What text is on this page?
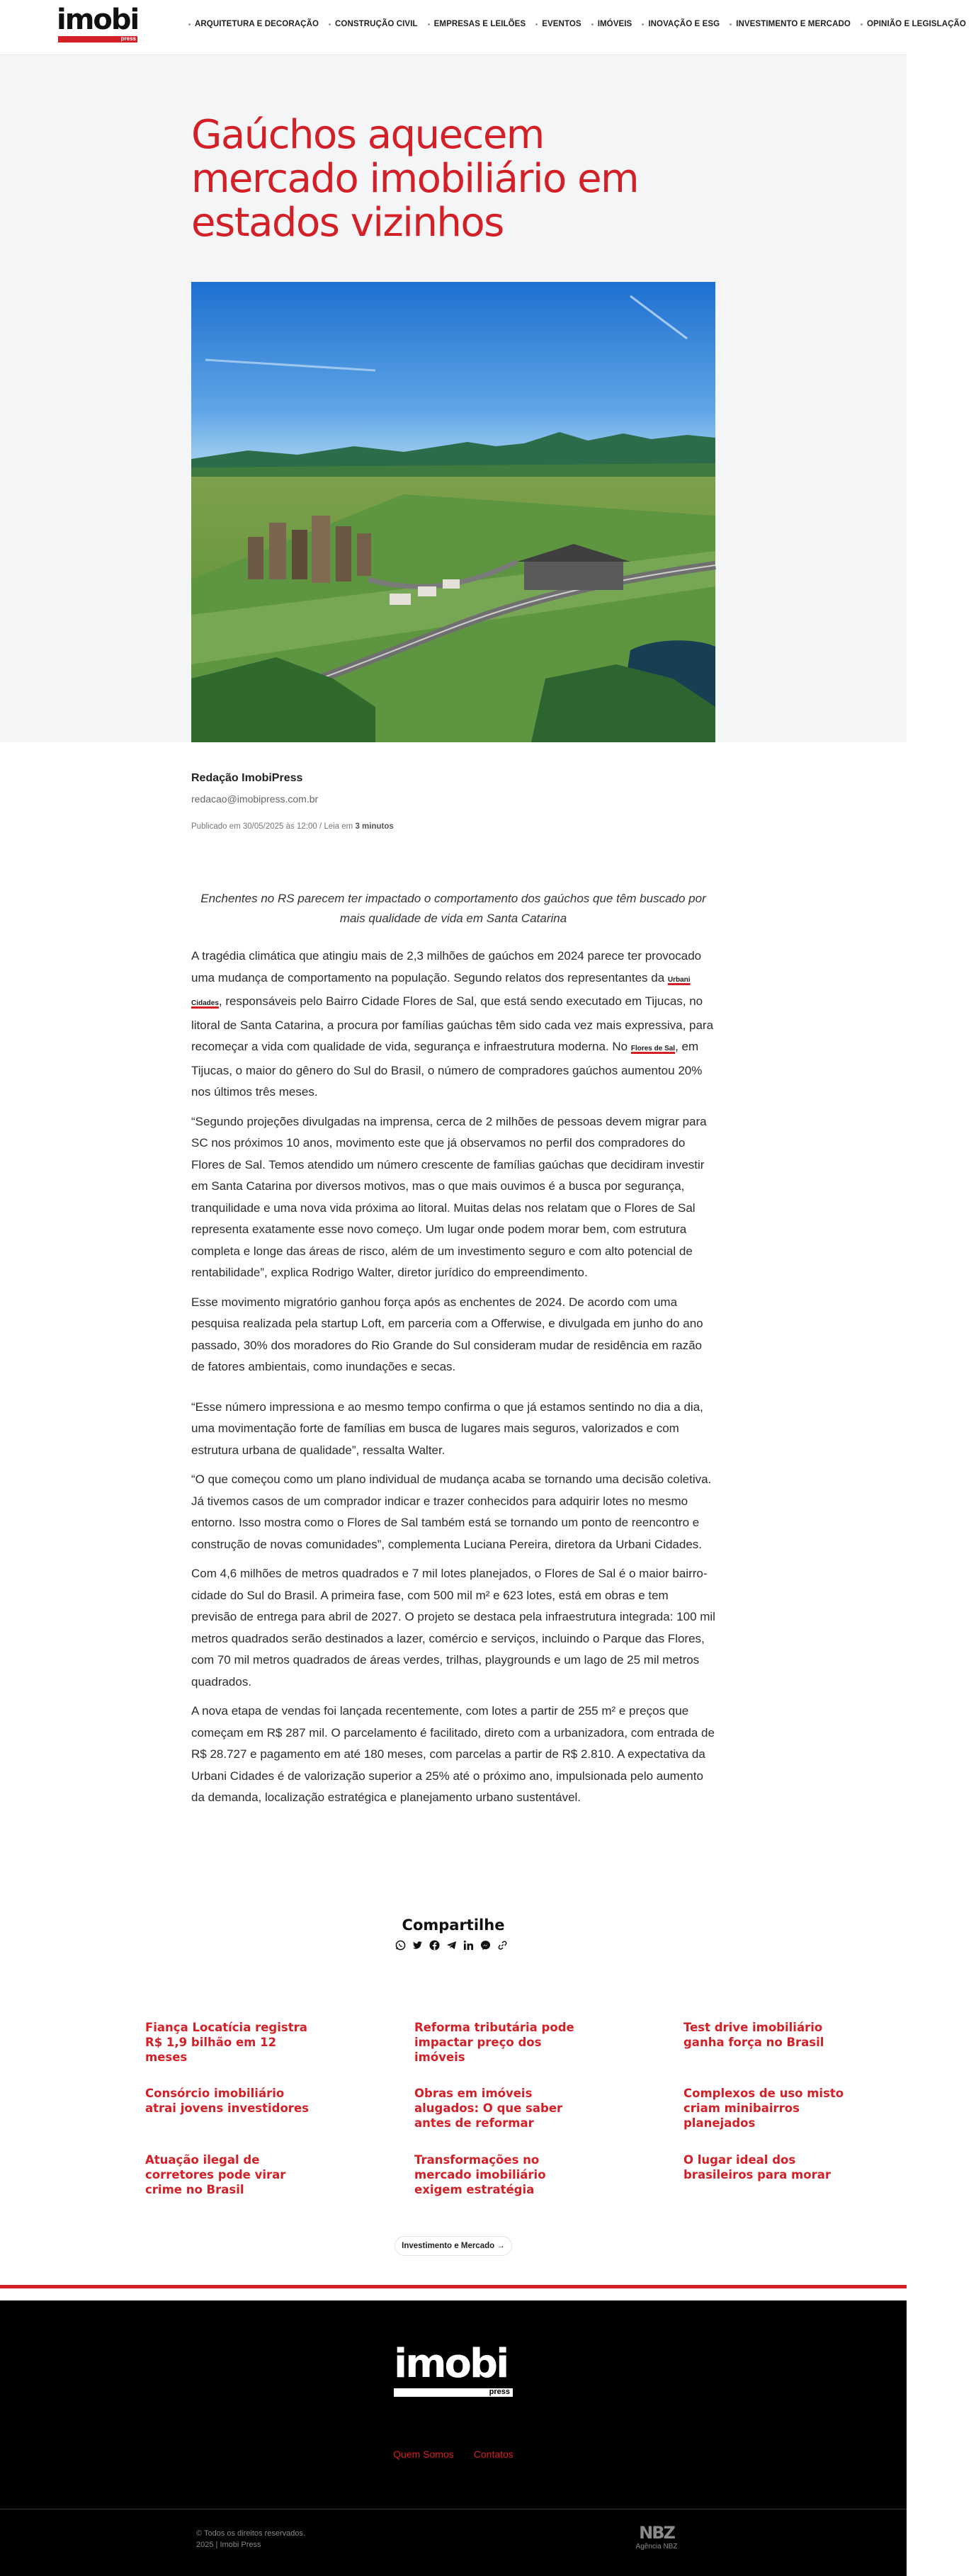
imobi
press
ARQUITETURA E DECORAÇÃO CONSTRUÇÃO CIVIL EMPRESAS E LEILÕES EVENTOS IMÓVEIS INOVAÇÃO E ESG INVESTIMENTO E MERCADO OPINIÃO E LEGISLAÇÃO
Gaúchos aquecem mercado imobiliário em estados vizinhos
Redação ImobiPress
redacao@imobipress.com.br
Publicado em 30/05/2025 às 12:00 / Leia em 3 minutos
Enchentes no RS parecem ter impactado o comportamento dos gaúchos que têm buscado por mais qualidade de vida em Santa Catarina

A tragédia climática que atingiu mais de 2,3 milhões de gaúchos em 2024 parece ter provocado uma mudança de comportamento na população. Segundo relatos dos representantes da Urbani Cidades, responsáveis pelo Bairro Cidade Flores de Sal, que está sendo executado em Tijucas, no litoral de Santa Catarina, a procura por famílias gaúchas têm sido cada vez mais expressiva, para recomeçar a vida com qualidade de vida, segurança e infraestrutura moderna. No Flores de Sal, em Tijucas, o maior do gênero do Sul do Brasil, o número de compradores gaúchos aumentou 20% nos últimos três meses.

“Segundo projeções divulgadas na imprensa, cerca de 2 milhões de pessoas devem migrar para SC nos próximos 10 anos, movimento este que já observamos no perfil dos compradores do Flores de Sal. Temos atendido um número crescente de famílias gaúchas que decidiram investir em Santa Catarina por diversos motivos, mas o que mais ouvimos é a busca por segurança, tranquilidade e uma nova vida próxima ao litoral. Muitas delas nos relatam que o Flores de Sal representa exatamente esse novo começo. Um lugar onde podem morar bem, com estrutura completa e longe das áreas de risco, além de um investimento seguro e com alto potencial de rentabilidade”, explica Rodrigo Walter, diretor jurídico do empreendimento.

Esse movimento migratório ganhou força após as enchentes de 2024. De acordo com uma pesquisa realizada pela startup Loft, em parceria com a Offerwise, e divulgada em junho do ano passado, 30% dos moradores do Rio Grande do Sul consideram mudar de residência em razão de fatores ambientais, como inundações e secas.

“Esse número impressiona e ao mesmo tempo confirma o que já estamos sentindo no dia a dia, uma movimentação forte de famílias em busca de lugares mais seguros, valorizados e com estrutura urbana de qualidade”, ressalta Walter.

“O que começou como um plano individual de mudança acaba se tornando uma decisão coletiva. Já tivemos casos de um comprador indicar e trazer conhecidos para adquirir lotes no mesmo entorno. Isso mostra como o Flores de Sal também está se tornando um ponto de reencontro e construção de novas comunidades”, complementa Luciana Pereira, diretora da Urbani Cidades.

Com 4,6 milhões de metros quadrados e 7 mil lotes planejados, o Flores de Sal é o maior bairro-cidade do Sul do Brasil. A primeira fase, com 500 mil m² e 623 lotes, está em obras e tem previsão de entrega para abril de 2027. O projeto se destaca pela infraestrutura integrada: 100 mil metros quadrados serão destinados a lazer, comércio e serviços, incluindo o Parque das Flores, com 70 mil metros quadrados de áreas verdes, trilhas, playgrounds e um lago de 25 mil metros quadrados.

A nova etapa de vendas foi lançada recentemente, com lotes a partir de 255 m² e preços que começam em R$ 287 mil. O parcelamento é facilitado, direto com a urbanizadora, com entrada de R$ 28.727 e pagamento em até 180 meses, com parcelas a partir de R$ 2.810. A expectativa da Urbani Cidades é de valorização superior a 25% até o próximo ano, impulsionada pelo aumento da demanda, localização estratégica e planejamento urbano sustentável.

Compartilhe
Fiança Locatícia registra R$ 1,9 bilhão em 12 meses
Reforma tributária pode impactar preço dos imóveis
Test drive imobiliário ganha força no Brasil
Consórcio imobiliário atrai jovens investidores
Obras em imóveis alugados: O que saber antes de reformar
Complexos de uso misto criam minibairros planejados
Atuação ilegal de corretores pode virar crime no Brasil
Transformações no mercado imobiliário exigem estratégia
O lugar ideal dos brasileiros para morar
Investimento e Mercado →
imobi
press
Quem Somos Contatos
© Todos os direitos reservados.
2025 | Imobi Press
NBZ
Agência NBZ
